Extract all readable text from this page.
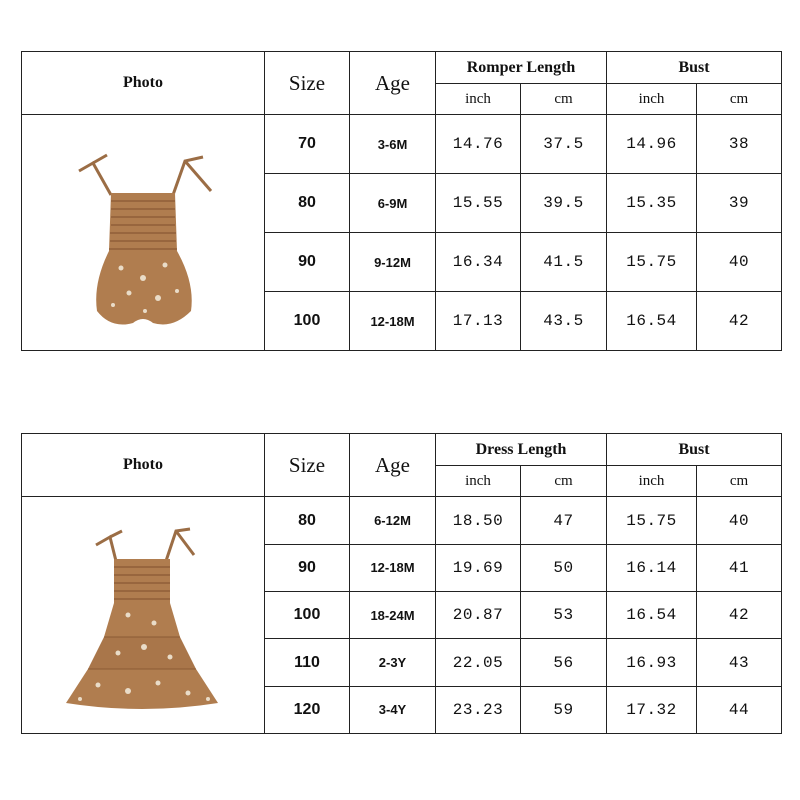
Photo	Size	Age	Romper Length		Bust	
			inch	cm	inch	cm

	70	3-6M	14.76	37.5	14.96	38
	80	6-9M	15.55	39.5	15.35	39
	90	9-12M	16.34	41.5	15.75	40
	100	12-18M	17.13	43.5	16.54	42
Photo	Size	Age	Dress Length		Bust	
			inch	cm	inch	cm

	80	6-12M	18.50	47	15.75	40
	90	12-18M	19.69	50	16.14	41
	100	18-24M	20.87	53	16.54	42
	110	2-3Y	22.05	56	16.93	43
	120	3-4Y	23.23	59	17.32	44
